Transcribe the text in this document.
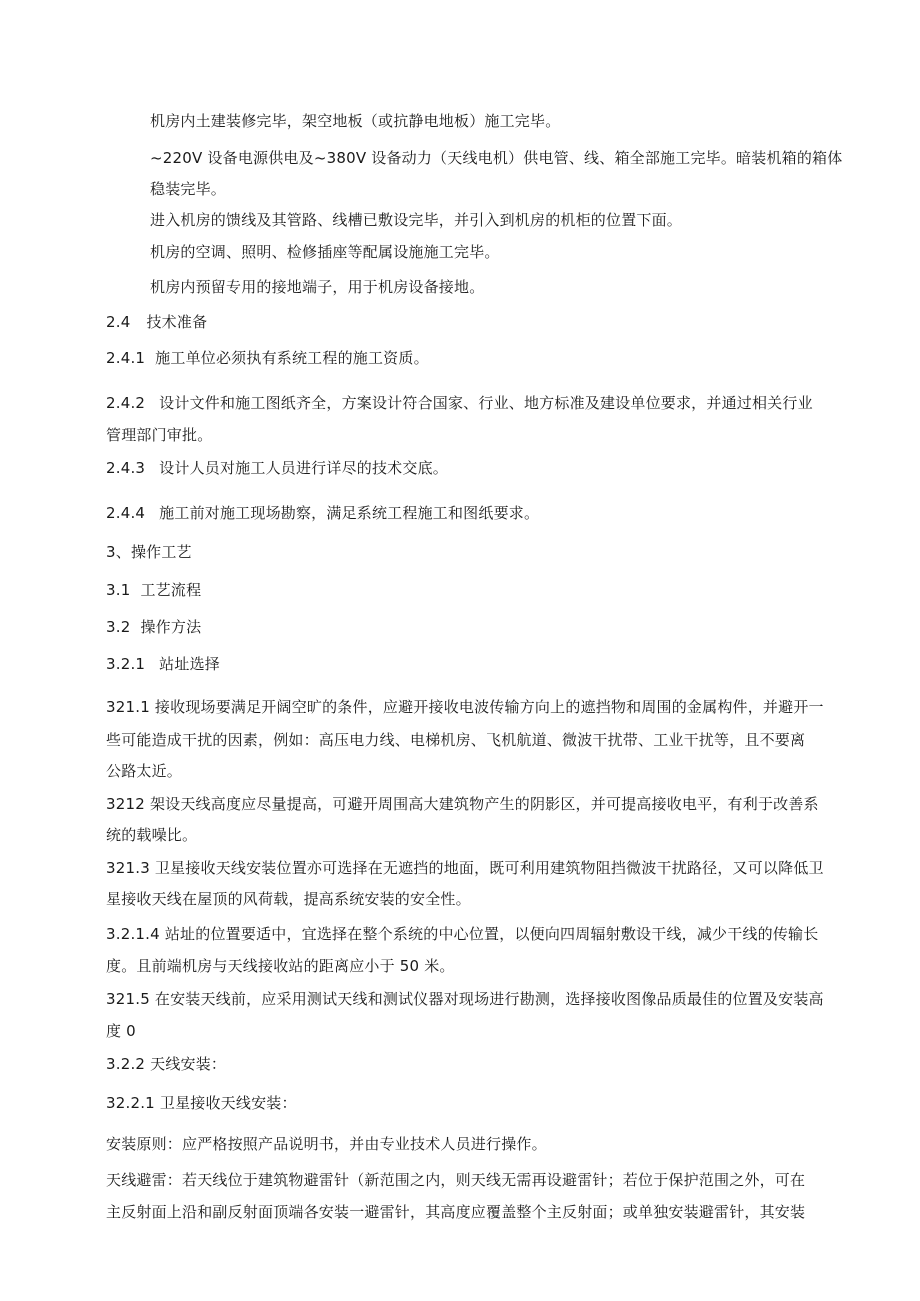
机房内土建装修完毕，架空地板（或抗静电地板）施工完毕。
~220V 设备电源供电及~380V 设备动力（天线电机）供电管、线、箱全部施工完毕。暗装机箱的箱体
稳装完毕。
进入机房的馈线及其管路、线槽已敷设完毕，并引入到机房的机柜的位置下面。
机房的空调、照明、检修插座等配属设施施工完毕。
机房内预留专用的接地端子，用于机房设备接地。
2.4 技术准备
2.4.1 施工单位必须执有系统工程的施工资质。
2.4.2 设计文件和施工图纸齐全，方案设计符合国家、行业、地方标准及建设单位要求，并通过相关行业
管理部门审批。
2.4.3 设计人员对施工人员进行详尽的技术交底。
2.4.4 施工前对施工现场勘察，满足系统工程施工和图纸要求。
3、操作工艺
3.1 工艺流程
3.2 操作方法
3.2.1 站址选择
321.1 接收现场要满足开阔空旷的条件，应避开接收电波传输方向上的遮挡物和周围的金属构件，并避开一
些可能造成干扰的因素，例如：高压电力线、电梯机房、飞机航道、微波干扰带、工业干扰等，且不要离
公路太近。
3212 架设天线高度应尽量提高，可避开周围高大建筑物产生的阴影区，并可提高接收电平，有利于改善系
统的载噪比。
321.3 卫星接收天线安装位置亦可选择在无遮挡的地面，既可利用建筑物阻挡微波干扰路径，又可以降低卫
星接收天线在屋顶的风荷载，提高系统安装的安全性。
3.2.1.4 站址的位置要适中，宜选择在整个系统的中心位置，以便向四周辐射敷设干线，减少干线的传输长
度。且前端机房与天线接收站的距离应小于 50 米。
321.5 在安装天线前，应采用测试天线和测试仪器对现场进行勘测，选择接收图像品质最佳的位置及安装高
度 0
3.2.2 天线安装：
32.2.1 卫星接收天线安装：
安装原则：应严格按照产品说明书，并由专业技术人员进行操作。
天线避雷：若天线位于建筑物避雷针（新范围之内，则天线无需再设避雷针；若位于保护范围之外，可在
主反射面上沿和副反射面顶端各安装一避雷针，其高度应覆盖整个主反射面；或单独安装避雷针，其安装
